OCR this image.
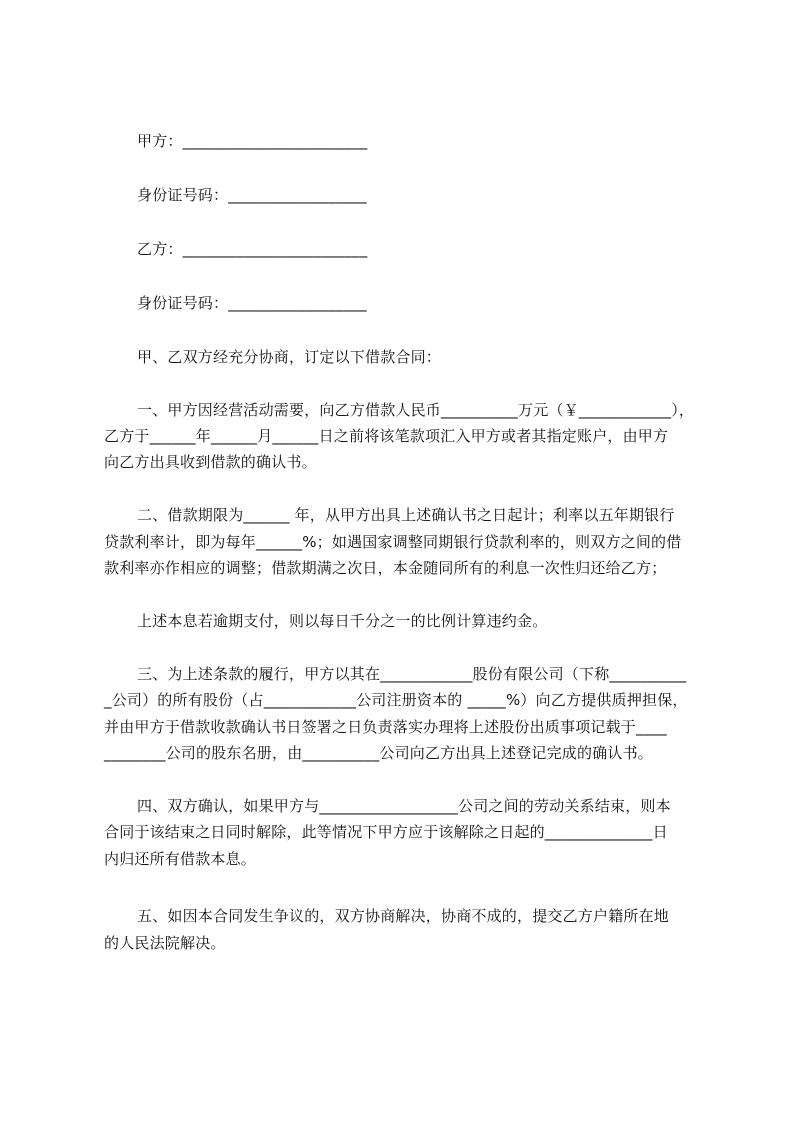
甲方：________________________
身份证号码：__________________
乙方：________________________
身份证号码：__________________
甲、乙双方经充分协商，订定以下借款合同：
一、甲方因经营活动需要，向乙方借款人民币__________万元（￥____________），
乙方于______年______月______日之前将该笔款项汇入甲方或者其指定账户，由甲方
向乙方出具收到借款的确认书。
二、借款期限为______ 年，从甲方出具上述确认书之日起计；利率以五年期银行
贷款利率计，即为每年______%；如遇国家调整同期银行贷款利率的，则双方之间的借
款利率亦作相应的调整；借款期满之次日，本金随同所有的利息一次性归还给乙方；
上述本息若逾期支付，则以每日千分之一的比例计算违约金。
三、为上述条款的履行，甲方以其在____________股份有限公司（下称__________
_公司）的所有股份（占____________公司注册资本的 _____%）向乙方提供质押担保，
并由甲方于借款收款确认书日签署之日负责落实办理将上述股份出质事项记载于____
________公司的股东名册，由__________公司向乙方出具上述登记完成的确认书。
四、双方确认，如果甲方与__________________公司之间的劳动关系结束，则本
合同于该结束之日同时解除，此等情况下甲方应于该解除之日起的______________日
内归还所有借款本息。
五、如因本合同发生争议的，双方协商解决，协商不成的，提交乙方户籍所在地
的人民法院解决。
